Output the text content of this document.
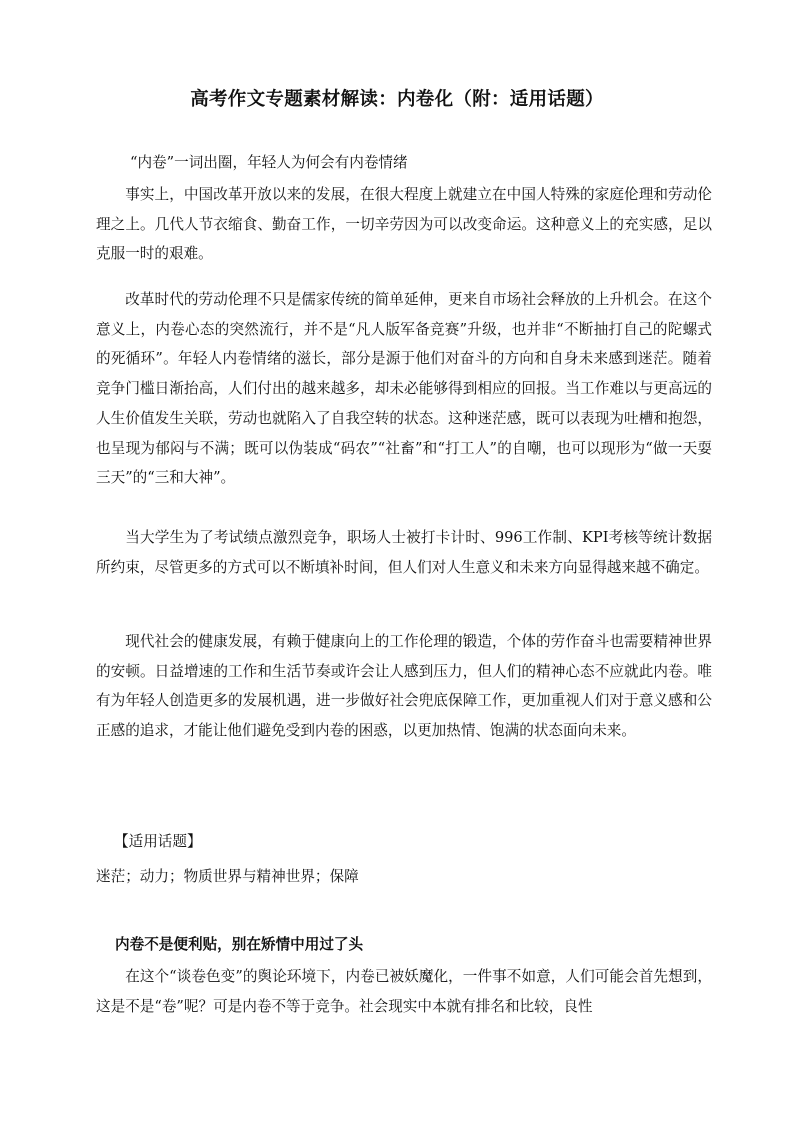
高考作文专题素材解读：内卷化（附：适用话题）
“内卷”一词出圈，年轻人为何会有内卷情绪

事实上，中国改革开放以来的发展，在很大程度上就建立在中国人特殊的家庭伦理和劳动伦理之上。几代人节衣缩食、勤奋工作，一切辛劳因为可以改变命运。这种意义上的充实感，足以克服一时的艰难。

改革时代的劳动伦理不只是儒家传统的简单延伸，更来自市场社会释放的上升机会。在这个意义上，内卷心态的突然流行，并不是“凡人版军备竞赛”升级，也并非“不断抽打自己的陀螺式的死循环”。年轻人内卷情绪的滋长，部分是源于他们对奋斗的方向和自身未来感到迷茫。随着竞争门槛日渐抬高，人们付出的越来越多，却未必能够得到相应的回报。当工作难以与更高远的人生价值发生关联，劳动也就陷入了自我空转的状态。这种迷茫感，既可以表现为吐槽和抱怨，也呈现为郁闷与不满；既可以伪装成“码农”“社畜”和“打工人”的自嘲，也可以现形为“做一天耍三天”的“三和大神”。

当大学生为了考试绩点激烈竞争，职场人士被打卡计时、996工作制、KPI考核等统计数据所约束，尽管更多的方式可以不断填补时间，但人们对人生意义和未来方向显得越来越不确定。

现代社会的健康发展，有赖于健康向上的工作伦理的锻造，个体的劳作奋斗也需要精神世界的安顿。日益增速的工作和生活节奏或许会让人感到压力，但人们的精神心态不应就此内卷。唯有为年轻人创造更多的发展机遇，进一步做好社会兜底保障工作，更加重视人们对于意义感和公正感的追求，才能让他们避免受到内卷的困惑，以更加热情、饱满的状态面向未来。

【适用话题】
迷茫；动力；物质世界与精神世界；保障
内卷不是便利贴，别在矫情中用过了头

在这个“谈卷色变”的舆论环境下，内卷已被妖魔化，一件事不如意，人们可能会首先想到，这是不是“卷”呢？可是内卷不等于竞争。社会现实中本就有排名和比较，良性
